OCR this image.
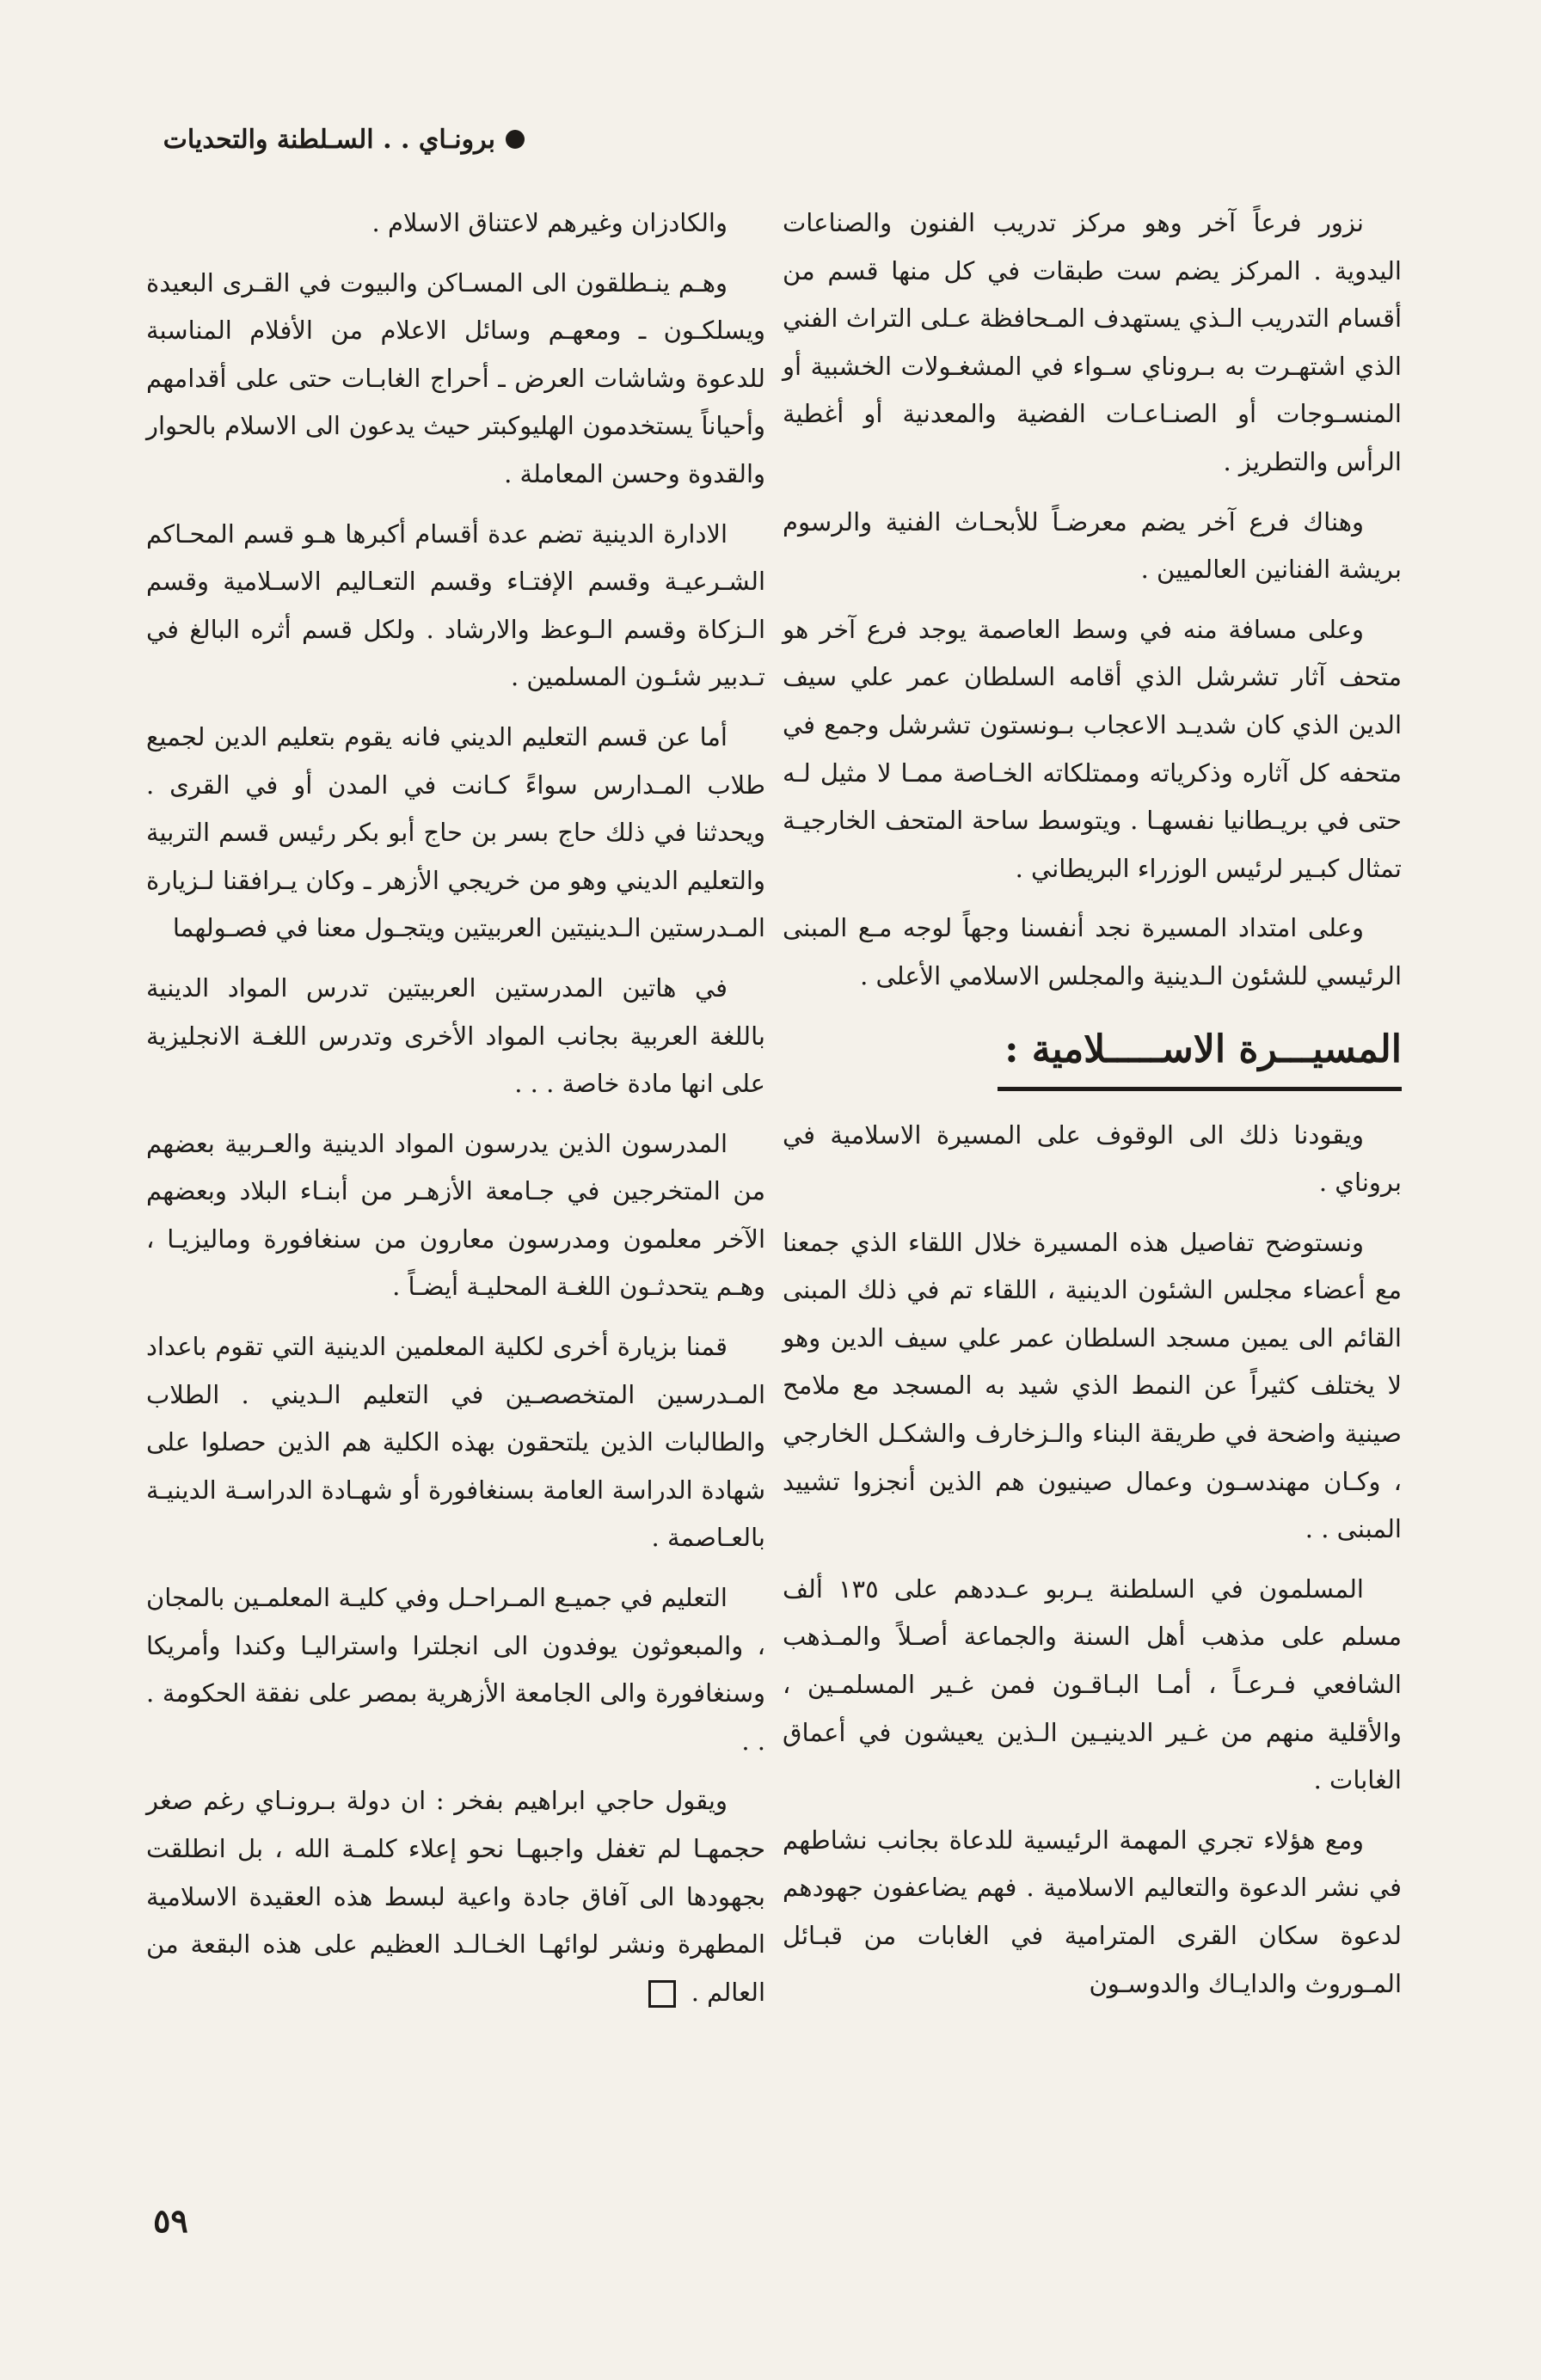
برونـاي . . السـلطنة والتحديات

نزور فرعاً آخر وهو مركز تدريب الفنون والصناعات اليدوية . المركز يضم ست طبقات في كل منها قسم من أقسام التدريب الـذي يستهدف المـحافظة عـلى التراث الفني الذي اشتهـرت به بـروناي سـواء في المشغـولات الخشبية أو المنسـوجات أو الصنـاعـات الفضية والمعدنية أو أغطية الرأس والتطريز .

وهناك فرع آخر يضم معرضـاً للأبحـاث الفنية والرسوم بريشة الفنانين العالميين .

وعلى مسافة منه في وسط العاصمة يوجد فرع آخر هو متحف آثار تشرشل الذي أقامه السلطان عمر علي سيف الدين الذي كان شديـد الاعجاب بـونستون تشرشل وجمع في متحفه كل آثاره وذكرياته وممتلكاته الخـاصة ممـا لا مثيل لـه حتى في بريـطانيا نفسهـا . ويتوسط ساحة المتحف الخارجيـة تمثال كبـير لرئيس الوزراء البريطاني .

وعلى امتداد المسيرة نجد أنفسنا وجهاً لوجه مـع المبنى الرئيسي للشئون الـدينية والمجلس الاسلامي الأعلى .

المسيـــرة الاســـــلامية :

ويقودنا ذلك الى الوقوف على المسيرة الاسلامية في بروناي .

ونستوضح تفاصيل هذه المسيرة خلال اللقاء الذي جمعنا مع أعضاء مجلس الشئون الدينية ، اللقاء تم في ذلك المبنى القائم الى يمين مسجد السلطان عمر علي سيف الدين وهو لا يختلف كثيراً عن النمط الذي شيد به المسجد مع ملامح صينية واضحة في طريقة البناء والـزخارف والشكـل الخارجي ، وكـان مهندسـون وعمال صينيون هم الذين أنجزوا تشييد المبنى . .

المسلمون في السلطنة يـربو عـددهم على ١٣٥ ألف مسلم على مذهب أهل السنة والجماعة أصـلاً والمـذهب الشافعي فـرعـاً ، أمـا البـاقـون فمن غـير المسلمـين ، والأقلية منهم من غـير الدينيـين الـذين يعيشون في أعماق الغابات .

ومع هؤلاء تجري المهمة الرئيسية للدعاة بجانب نشاطهم في نشر الدعوة والتعاليم الاسلامية . فهم يضاعفون جهودهم لدعوة سكان القرى المترامية في الغابات من قبـائل المـوروث والدايـاك والدوسـون

والكادزان وغيرهم لاعتناق الاسلام .

وهـم ينـطلقون الى المسـاكن والبيوت في القـرى البعيدة ويسلكـون ـ ومعهـم وسائل الاعلام من الأفلام المناسبة للدعوة وشاشات العرض ـ أحراج الغابـات حتى على أقدامهم وأحياناً يستخدمون الهليوكبتر حيث يدعون الى الاسلام بالحوار والقدوة وحسن المعاملة .

الادارة الدينية تضم عدة أقسام أكبرها هـو قسم المحـاكم الشـرعيـة وقسم الإفتـاء وقسم التعـاليم الاسـلامية وقسم الـزكاة وقسم الـوعظ والارشاد . ولكل قسم أثره البالغ في تـدبير شئـون المسلمين .

أما عن قسم التعليم الديني فانه يقوم بتعليم الدين لجميع طلاب المـدارس سواءً كـانت في المدن أو في القرى . ويحدثنا في ذلك حاج بسر بن حاج أبو بكر رئيس قسم التربية والتعليم الديني وهو من خريجي الأزهر ـ وكان يـرافقنا لـزيارة المـدرستين الـدينيتين العربيتين ويتجـول معنا في فصـولهما

في هاتين المدرستين العربيتين تدرس المواد الدينية باللغة العربية بجانب المواد الأخرى وتدرس اللغـة الانجليزية على انها مادة خاصة . . .

المدرسون الذين يدرسون المواد الدينية والعـربية بعضهم من المتخرجين في جـامعة الأزهـر من أبنـاء البلاد وبعضهم الآخر معلمون ومدرسون معارون من سنغافورة وماليزيـا ، وهـم يتحدثـون اللغـة المحليـة أيضـاً .

قمنا بزيارة أخرى لكلية المعلمين الدينية التي تقوم باعداد المـدرسين المتخصصـين في التعليم الـديني . الطلاب والطالبات الذين يلتحقون بهذه الكلية هم الذين حصلوا على شهادة الدراسة العامة بسنغافورة أو شهـادة الدراسـة الدينيـة بالعـاصمة .

التعليم في جميـع المـراحـل وفي كليـة المعلمـين بالمجان ، والمبعوثون يوفدون الى انجلترا واستراليـا وكندا وأمريكا وسنغافورة والى الجامعة الأزهرية بمصر على نفقة الحكومة . . .

ويقول حاجي ابراهيم بفخر : ان دولة بـرونـاي رغم صغر حجمهـا لم تغفل واجبهـا نحو إعلاء كلمـة الله ، بل انطلقت بجهودها الى آفاق جادة واعية لبسط هذه العقيدة الاسلامية المطهرة ونشر لوائهـا الخـالـد العظيم على هذه البقعة من العالم .

٥٩
